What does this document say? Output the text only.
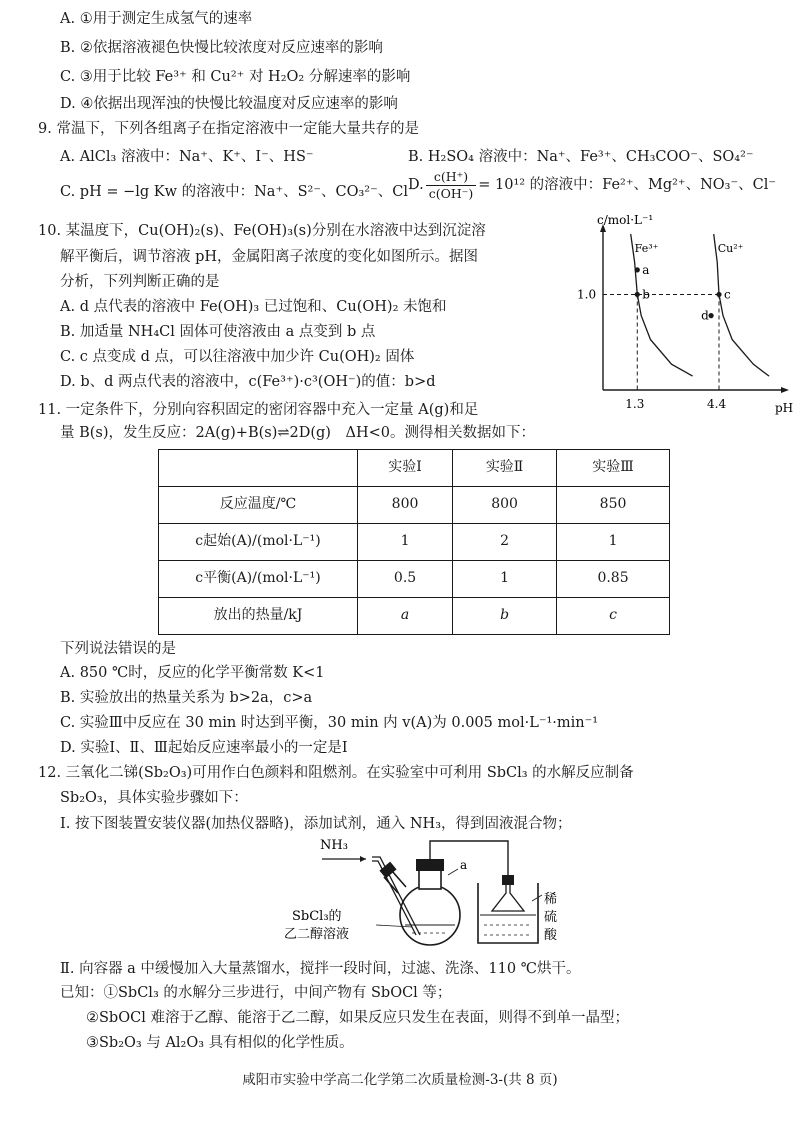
A. ①用于测定生成氢气的速率
B. ②依据溶液褪色快慢比较浓度对反应速率的影响
C. ③用于比较 Fe³⁺ 和 Cu²⁺ 对 H₂O₂ 分解速率的影响
D. ④依据出现浑浊的快慢比较温度对反应速率的影响
9. 常温下，下列各组离子在指定溶液中一定能大量共存的是
A. AlCl₃ 溶液中：Na⁺、K⁺、I⁻、HS⁻	B. H₂SO₄ 溶液中：Na⁺、Fe³⁺、CH₃COO⁻、SO₄²⁻
C. pH = −lg Kw 的溶液中：Na⁺、S²⁻、CO₃²⁻、Cl⁻
D. $\frac{c(H^+)}{c(OH^-)} = 10^{12}$ 的溶液中：Fe²⁺、Mg²⁺、NO₃⁻、Cl⁻
10. 某温度下，Cu(OH)₂(s)、Fe(OH)₃(s)分别在水溶液中达到沉淀溶
解平衡后，调节溶液 pH，金属阳离子浓度的变化如图所示。据图
分析，下列判断正确的是
A. d 点代表的溶液中 Fe(OH)₃ 已过饱和、Cu(OH)₂ 未饱和
B. 加适量 NH₄Cl 固体可使溶液由 a 点变到 b 点
C. c 点变成 d 点，可以往溶液中加少许 Cu(OH)₂ 固体
D. b、d 两点代表的溶液中，c(Fe³⁺)·c³(OH⁻)的值：b>d
Fe³⁺	Cu²⁺
a
b	c
d
1.3	4.4
1.0
pH
c/mol·L⁻¹
11. 一定条件下，分别向容积固定的密闭容器中充入一定量 A(g)和足
量 B(s)，发生反应：2A(g)+B(s)⇌2D(g)　ΔH<0。测得相关数据如下：
	实验Ⅰ	实验Ⅱ	实验Ⅲ
反应温度/℃	800	800	850
c起始(A)/(mol·L⁻¹)	1	2	1
c平衡(A)/(mol·L⁻¹)	0.5	1	0.85
放出的热量/kJ	a	b	c
下列说法错误的是
A. 850 ℃时，反应的化学平衡常数 K<1
B. 实验放出的热量关系为 b>2a，c>a
C. 实验Ⅲ中反应在 30 min 时达到平衡，30 min 内 v(A)为 0.005 mol·L⁻¹·min⁻¹
D. 实验Ⅰ、Ⅱ、Ⅲ起始反应速率最小的一定是Ⅰ
12. 三氧化二锑(Sb₂O₃)可用作白色颜料和阻燃剂。在实验室中可利用 SbCl₃ 的水解反应制备
Sb₂O₃，具体实验步骤如下：
Ⅰ. 按下图装置安装仪器(加热仪器略)，添加试剂，通入 NH₃，得到固液混合物；
NH₃
a
SbCl₃的
乙二醇溶液
稀
硫
酸
Ⅱ. 向容器 a 中缓慢加入大量蒸馏水，搅拌一段时间，过滤、洗涤、110 ℃烘干。
已知：①SbCl₃ 的水解分三步进行，中间产物有 SbOCl 等；
②SbOCl 难溶于乙醇、能溶于乙二醇，如果反应只发生在表面，则得不到单一晶型；
③Sb₂O₃ 与 Al₂O₃ 具有相似的化学性质。
咸阳市实验中学高二化学第二次质量检测-3-(共 8 页)
